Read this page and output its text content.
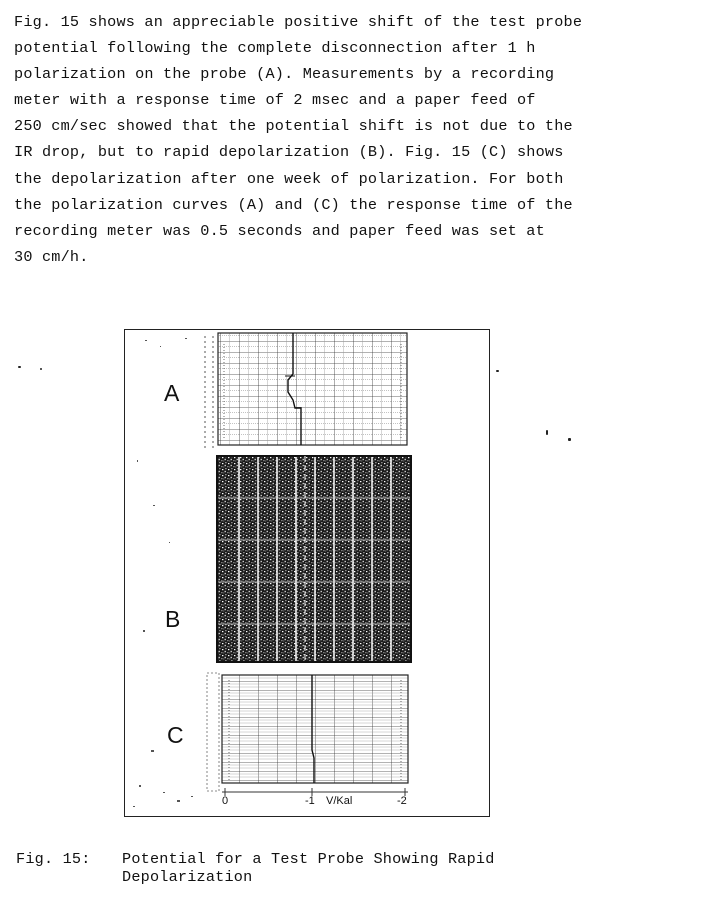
Fig. 15 shows an appreciable positive shift of the test probe
potential following the complete disconnection after 1 h
polarization on the probe (A). Measurements by a recording
meter with a response time of 2 msec and a paper feed of
250 cm/sec showed that the potential shift is not due to the
IR drop, but to rapid depolarization (B). Fig. 15 (C) shows
the depolarization after one week of polarization. For both
the polarization curves (A) and (C) the response time of the
recording meter was 0.5 seconds and paper feed was set at
30 cm/h.
A
B
C
0	-1 V/Kal	-2
Fig. 15: Potential for a Test Probe Showing Rapid
Depolarization
